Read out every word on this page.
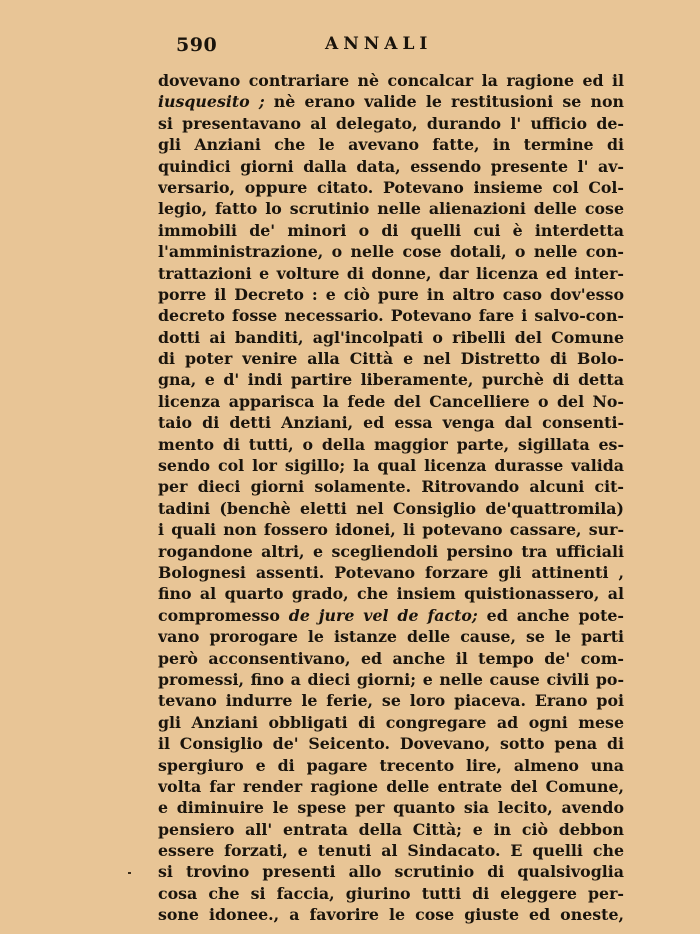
590	ANNALI
dovevano contrariare nè concalcar la ragione ed il
iusquesito ; nè erano valide le restitusioni se non
si presentavano al delegato, durando l' ufficio de-
gli Anziani che le avevano fatte, in termine di
quindici giorni dalla data, essendo presente l' av-
versario, oppure citato. Potevano insieme col Col-
legio, fatto lo scrutinio nelle alienazioni delle cose
immobili de' minori o di quelli cui è interdetta
l'amministrazione, o nelle cose dotali, o nelle con-
trattazioni e volture di donne, dar licenza ed inter-
porre il Decreto : e ciò pure in altro caso dov'esso
decreto fosse necessario. Potevano fare i salvo-con-
dotti ai banditi, agl'incolpati o ribelli del Comune
di poter venire alla Città e nel Distretto di Bolo-
gna, e d' indi partire liberamente, purchè di detta
licenza apparisca la fede del Cancelliere o del No-
taio di detti Anziani, ed essa venga dal consenti-
mento di tutti, o della maggior parte, sigillata es-
sendo col lor sigillo; la qual licenza durasse valida
per dieci giorni solamente. Ritrovando alcuni cit-
tadini (benchè eletti nel Consiglio de'quattromila)
i quali non fossero idonei, li potevano cassare, sur-
rogandone altri, e scegliendoli persino tra ufficiali
Bolognesi assenti. Potevano forzare gli attinenti ,
fino al quarto grado, che insiem quistionassero, al
compromesso de jure vel de facto; ed anche pote-
vano prorogare le istanze delle cause, se le parti
però acconsentivano, ed anche il tempo de' com-
promessi, fino a dieci giorni; e nelle cause civili po-
tevano indurre le ferie, se loro piaceva. Erano poi
gli Anziani obbligati di congregare ad ogni mese
il Consiglio de' Seicento. Dovevano, sotto pena di
spergiuro e di pagare trecento lire, almeno una
volta far render ragione delle entrate del Comune,
e diminuire le spese per quanto sia lecito, avendo
pensiero all' entrata della Città; e in ciò debbon
essere forzati, e tenuti al Sindacato. E quelli che
si trovino presenti allo scrutinio di qualsivoglia
cosa che si faccia, giurino tutti di eleggere per-
sone idonee., a favorire le cose giuste ed oneste,
